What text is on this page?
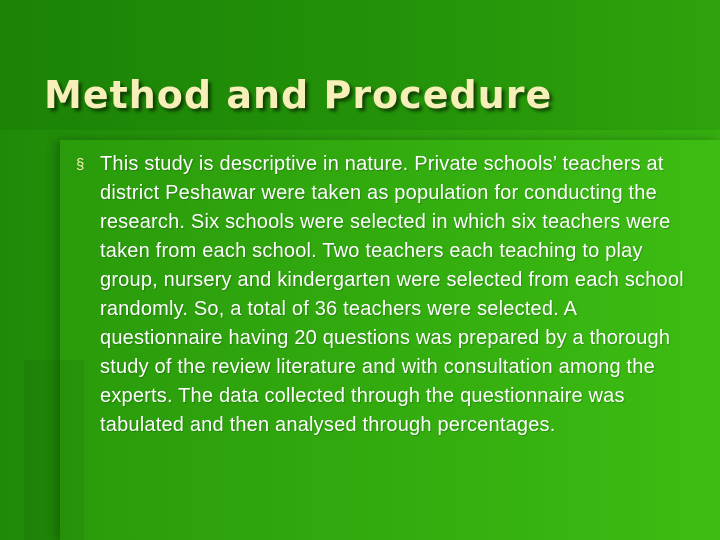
Method and Procedure
§ This study is descriptive in nature. Private schools’ teachers at district Peshawar were taken as population for conducting the research. Six schools were selected in which six teachers were taken from each school. Two teachers each teaching to play group, nursery and kindergarten were selected from each school randomly. So, a total of 36 teachers were selected. A questionnaire having 20 questions was prepared by a thorough study of the review literature and with consultation among the experts. The data collected through the questionnaire was tabulated and then analysed through percentages.
